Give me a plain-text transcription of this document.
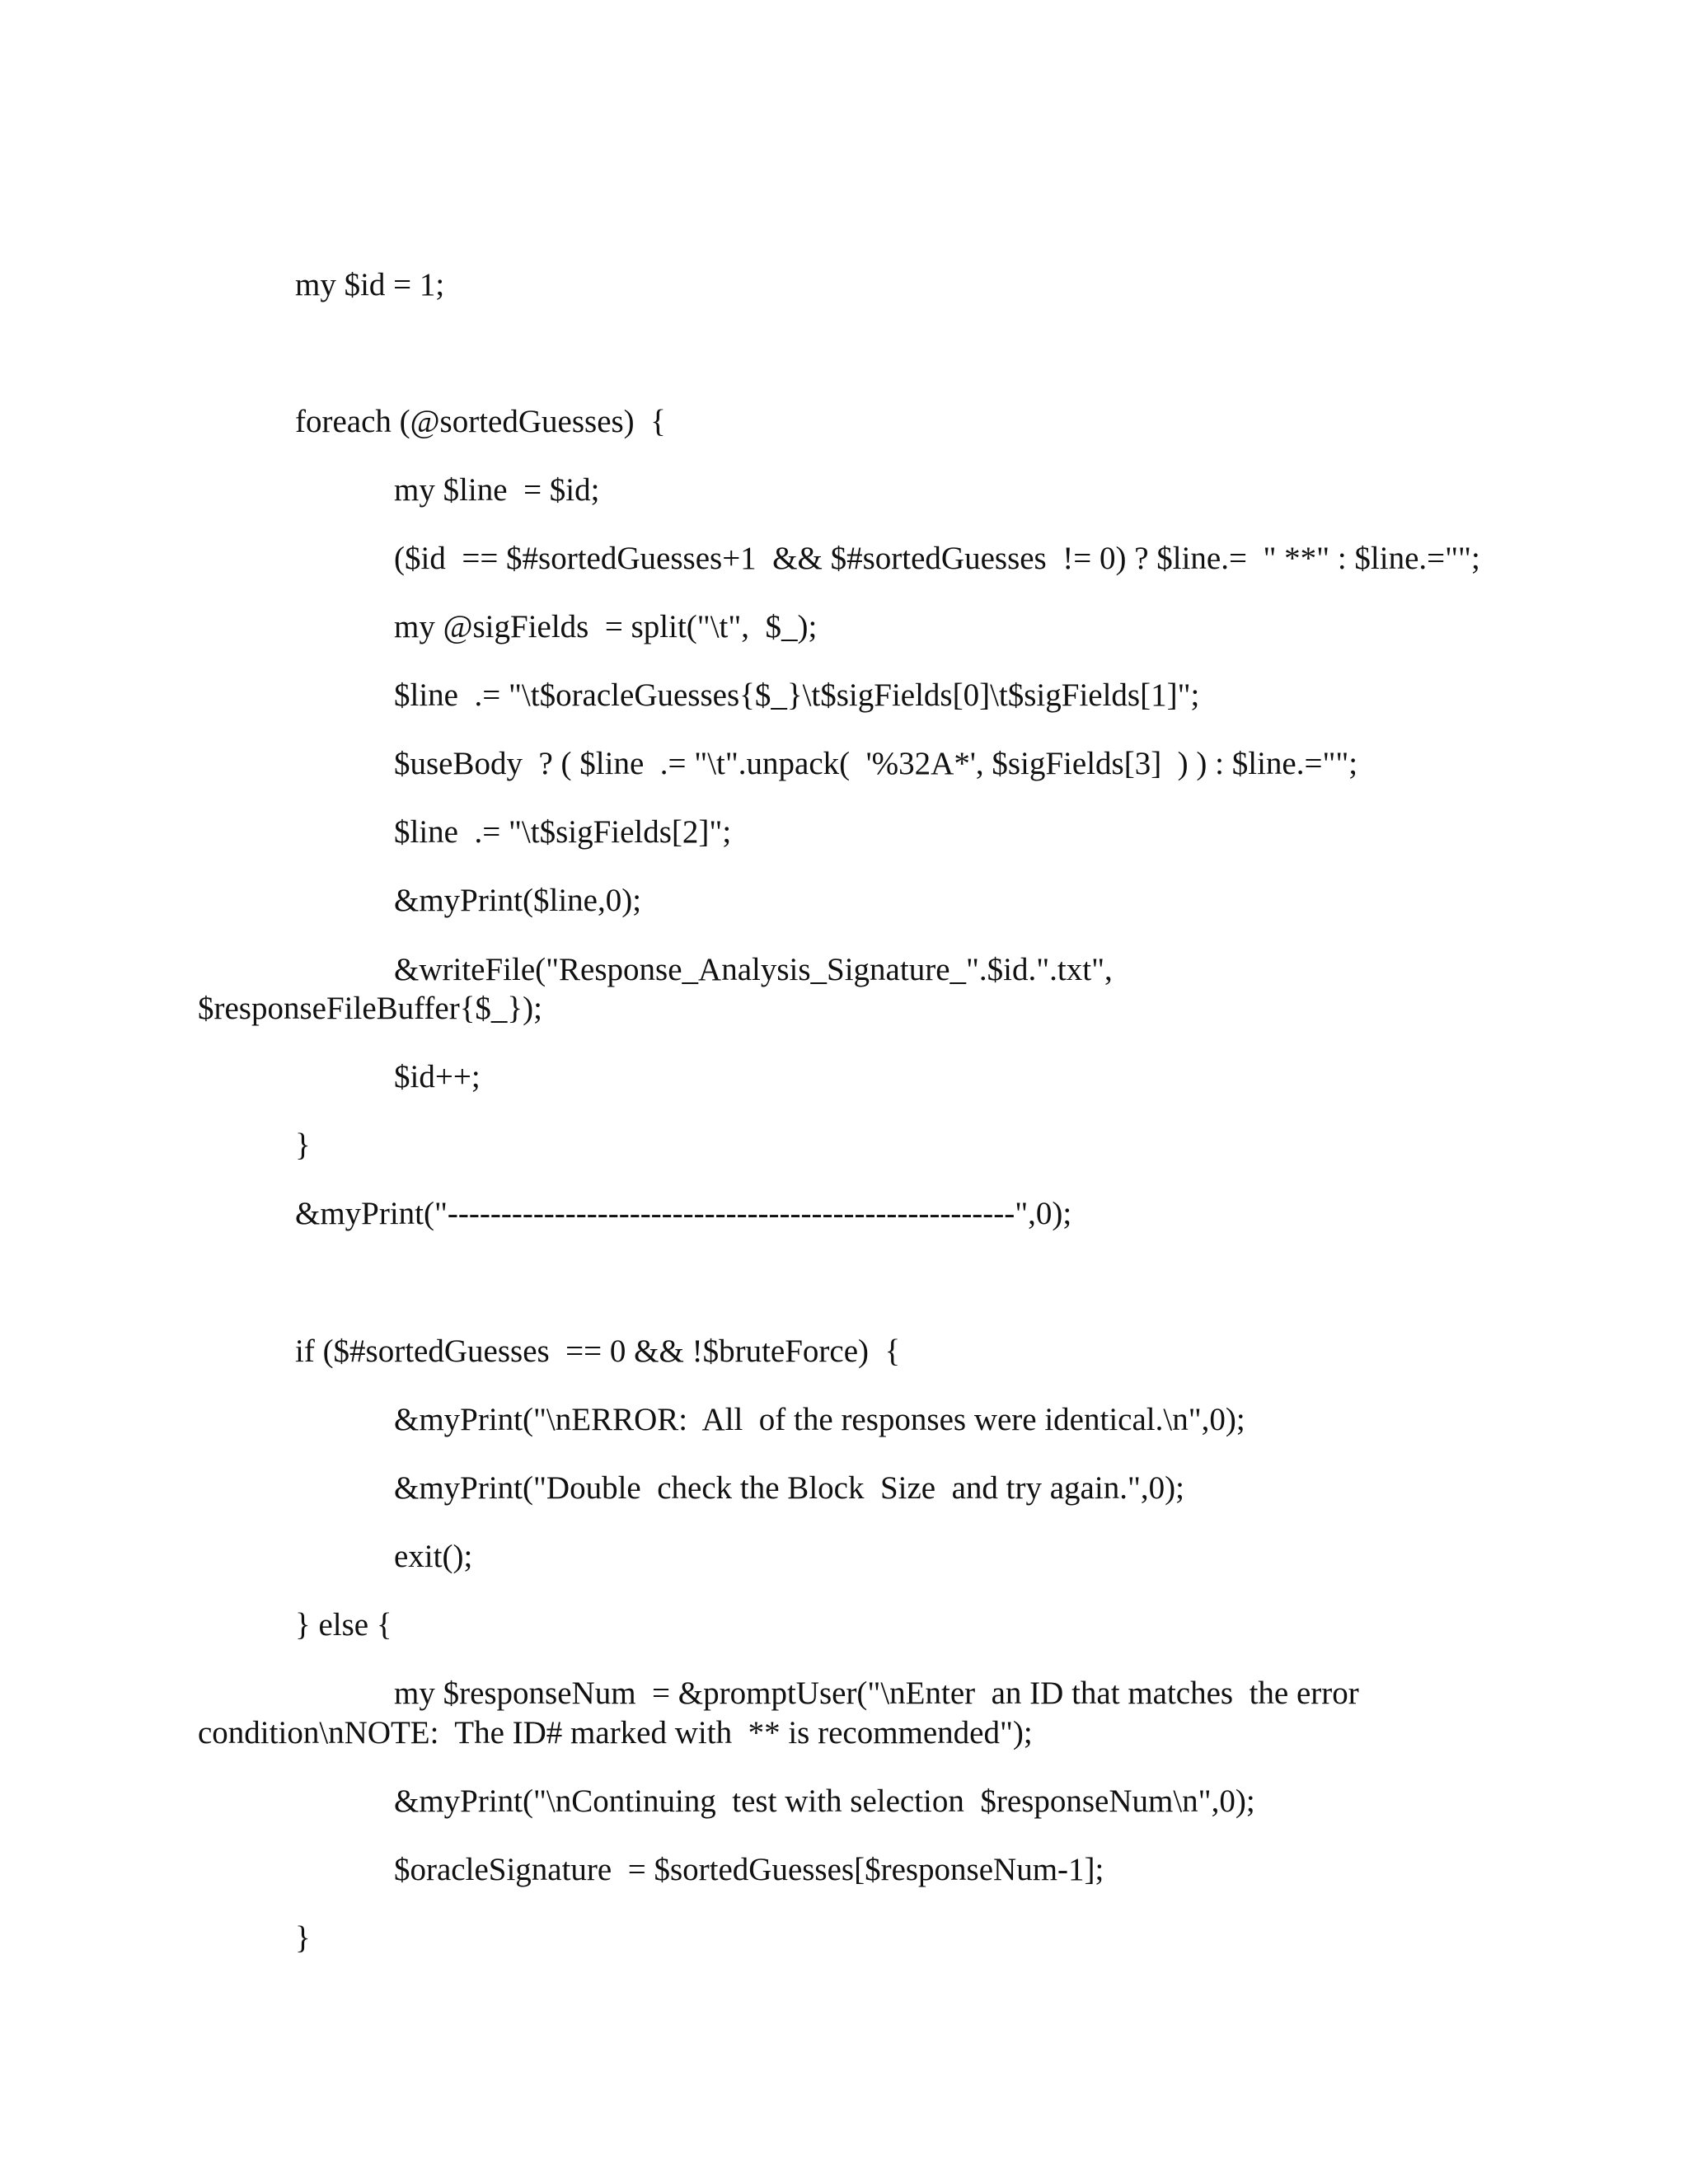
my $id = 1;

foreach (@sortedGuesses)  {

my $line  = $id;

($id  == $#sortedGuesses+1  && $#sortedGuesses  != 0) ? $line.=  " **" : $line.="";

my @sigFields  = split("\t",  $_);

$line  .= "\t$oracleGuesses{$_}\t$sigFields[0]\t$sigFields[1]";

$useBody  ? ( $line  .= "\t".unpack(  '%32A*', $sigFields[3]  ) ) : $line.="";

$line  .= "\t$sigFields[2]";

&myPrint($line,0);

&writeFile("Response_Analysis_Signature_".$id.".txt",

$responseFileBuffer{$_});

$id++;

}

&myPrint("-----------------------------------------------------",0);

if ($#sortedGuesses  == 0 && !$bruteForce)  {

&myPrint("\nERROR:  All  of the responses were identical.\n",0);

&myPrint("Double  check the Block  Size  and try again.",0);

exit();

} else {

my $responseNum  = &promptUser("\nEnter  an ID that matches  the error

condition\nNOTE:  The ID# marked with  ** is recommended");

&myPrint("\nContinuing  test with selection  $responseNum\n",0);

$oracleSignature  = $sortedGuesses[$responseNum-1];

}
